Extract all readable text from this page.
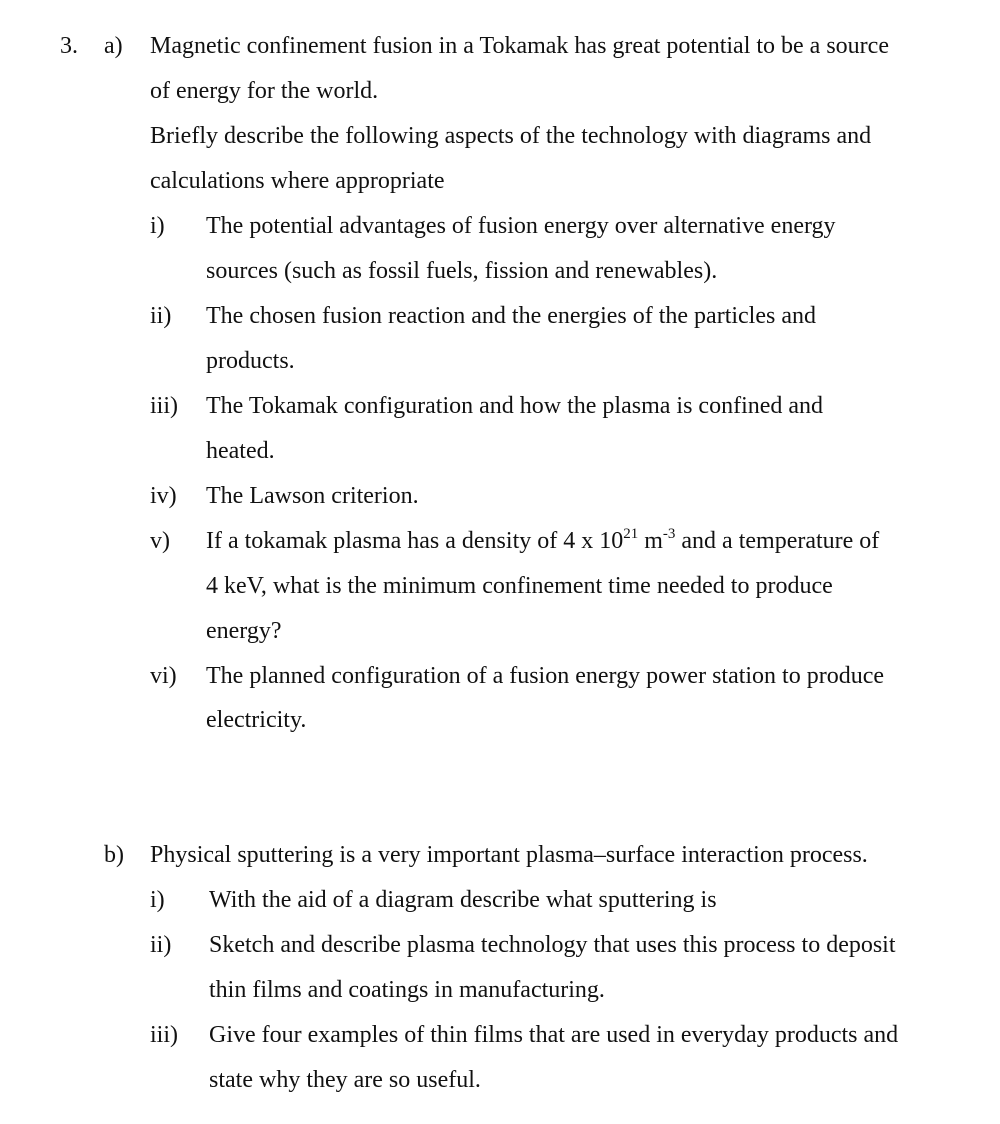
3. a) Magnetic confinement fusion in a Tokamak has great potential to be a source
of energy for the world.
Briefly describe the following aspects of the technology with diagrams and
calculations where appropriate
i) The potential advantages of fusion energy over alternative energy
sources (such as fossil fuels, fission and renewables).
ii) The chosen fusion reaction and the energies of the particles and
products.
iii) The Tokamak configuration and how the plasma is confined and
heated.
iv) The Lawson criterion.
v) If a tokamak plasma has a density of 4 x $10^{21}$ $m^{-3}$ and a temperature of
4 keV, what is the minimum confinement time needed to produce
energy?
vi) The planned configuration of a fusion energy power station to produce
electricity.
b) Physical sputtering is a very important plasma–surface interaction process.
i) With the aid of a diagram describe what sputtering is
ii) Sketch and describe plasma technology that uses this process to deposit
thin films and coatings in manufacturing.
iii) Give four examples of thin films that are used in everyday products and
state why they are so useful.
